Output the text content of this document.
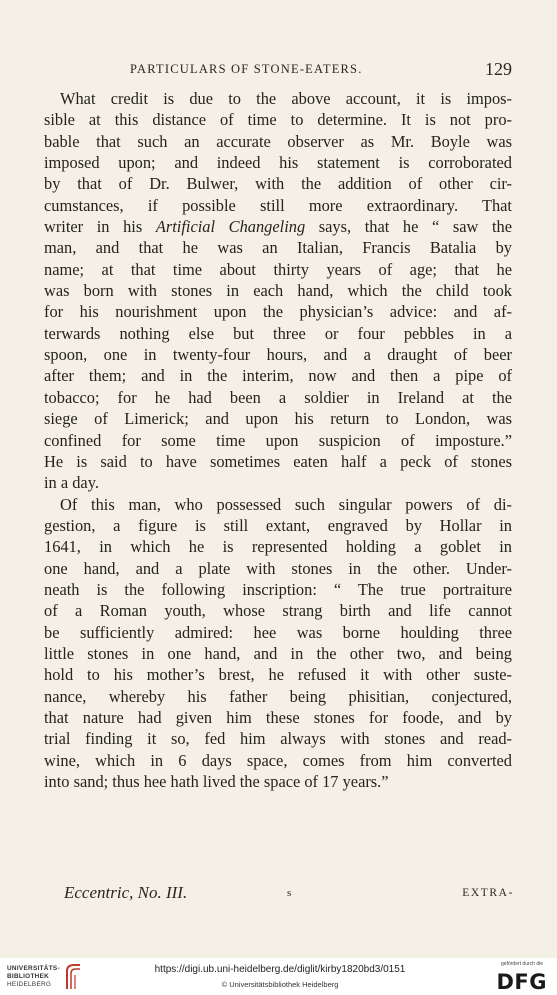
PARTICULARS OF STONE-EATERS.	129
What credit is due to the above account, it is impos-
sible at this distance of time to determine. It is not pro-
bable that such an accurate observer as Mr. Boyle was
imposed upon; and indeed his statement is corroborated
by that of Dr. Bulwer, with the addition of other cir-
cumstances, if possible still more extraordinary. That
writer in his Artificial Changeling says, that he “ saw the
man, and that he was an Italian, Francis Batalia by
name; at that time about thirty years of age; that he
was born with stones in each hand, which the child took
for his nourishment upon the physician’s advice: and af-
terwards nothing else but three or four pebbles in a
spoon, one in twenty-four hours, and a draught of beer
after them; and in the interim, now and then a pipe of
tobacco; for he had been a soldier in Ireland at the
siege of Limerick; and upon his return to London, was
confined for some time upon suspicion of imposture.”
He is said to have sometimes eaten half a peck of stones
in a day.
Of this man, who possessed such singular powers of di-
gestion, a figure is still extant, engraved by Hollar in
1641, in which he is represented holding a goblet in
one hand, and a plate with stones in the other. Under-
neath is the following inscription: “ The true portraiture
of a Roman youth, whose strang birth and life cannot
be sufficiently admired: hee was borne houlding three
little stones in one hand, and in the other two, and being
hold to his mother’s brest, he refused it with other suste-
nance, whereby his father being phisitian, conjectured,
that nature had given him these stones for foode, and by
trial finding it so, fed him always with stones and read-
wine, which in 6 days space, comes from him converted
into sand; thus hee hath lived the space of 17 years.”
Eccentric, No. III.	s	EXTRA-
UNIVERSITÄTS-
BIBLIOTHEK
HEIDELBERG
https://digi.ub.uni-heidelberg.de/diglit/kirby1820bd3/0151
© Universitätsbibliothek Heidelberg
gefördert durch die
DFG
